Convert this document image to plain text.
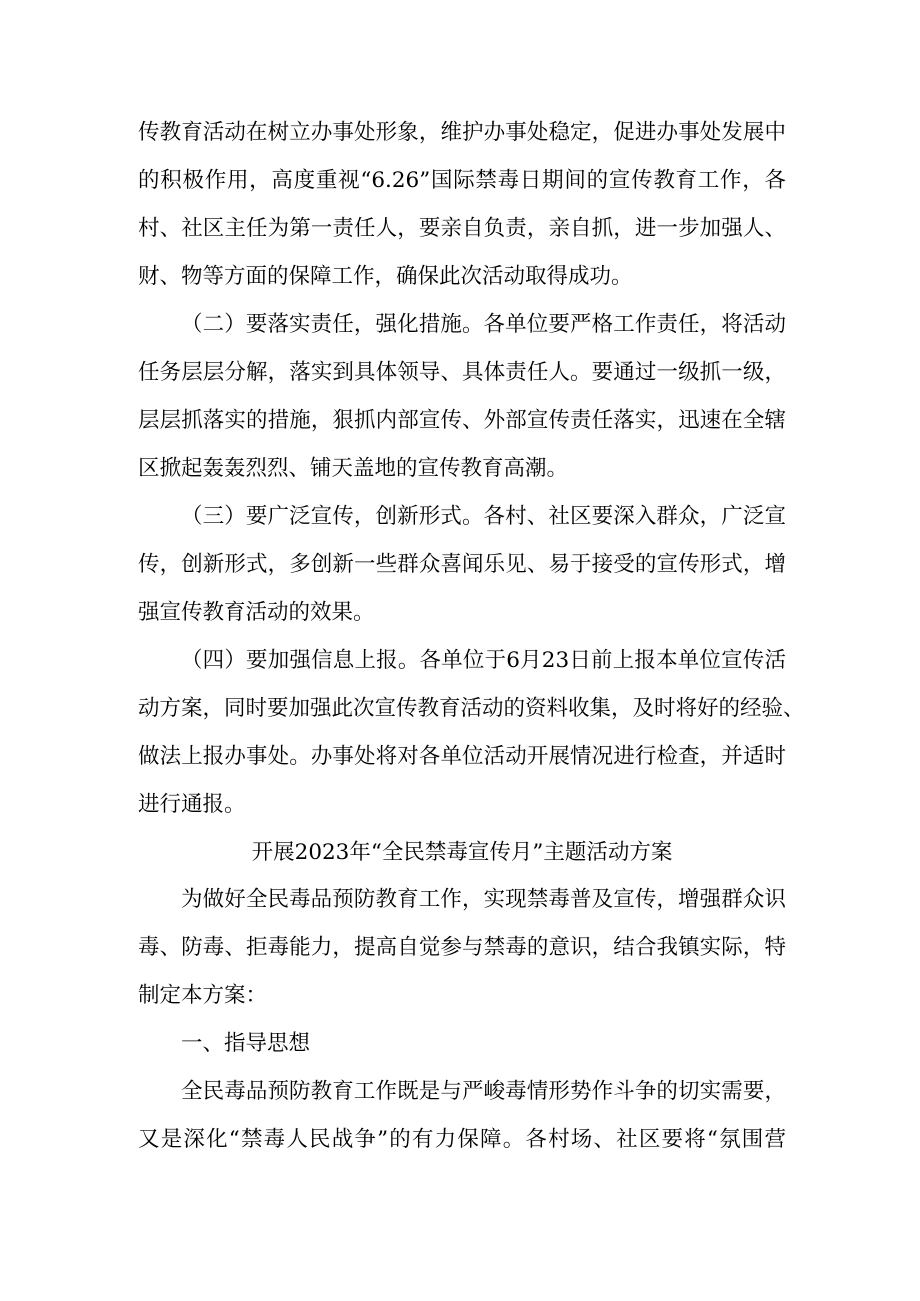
传教育活动在树立办事处形象，维护办事处稳定，促进办事处发展中
的积极作用，高度重视“6.26”国际禁毒日期间的宣传教育工作，各
村、社区主任为第一责任人，要亲自负责，亲自抓，进一步加强人、
财、物等方面的保障工作，确保此次活动取得成功。
（二）要落实责任，强化措施。各单位要严格工作责任，将活动
任务层层分解，落实到具体领导、具体责任人。要通过一级抓一级，
层层抓落实的措施，狠抓内部宣传、外部宣传责任落实，迅速在全辖
区掀起轰轰烈烈、铺天盖地的宣传教育高潮。
（三）要广泛宣传，创新形式。各村、社区要深入群众，广泛宣
传，创新形式，多创新一些群众喜闻乐见、易于接受的宣传形式，增
强宣传教育活动的效果。
（四）要加强信息上报。各单位于6月23日前上报本单位宣传活
动方案，同时要加强此次宣传教育活动的资料收集，及时将好的经验、
做法上报办事处。办事处将对各单位活动开展情况进行检查，并适时
进行通报。
开展2023年“全民禁毒宣传月”主题活动方案
为做好全民毒品预防教育工作，实现禁毒普及宣传，增强群众识
毒、防毒、拒毒能力，提高自觉参与禁毒的意识，结合我镇实际，特
制定本方案：
一、指导思想
全民毒品预防教育工作既是与严峻毒情形势作斗争的切实需要，
又是深化“禁毒人民战争”的有力保障。各村场、社区要将“氛围营
